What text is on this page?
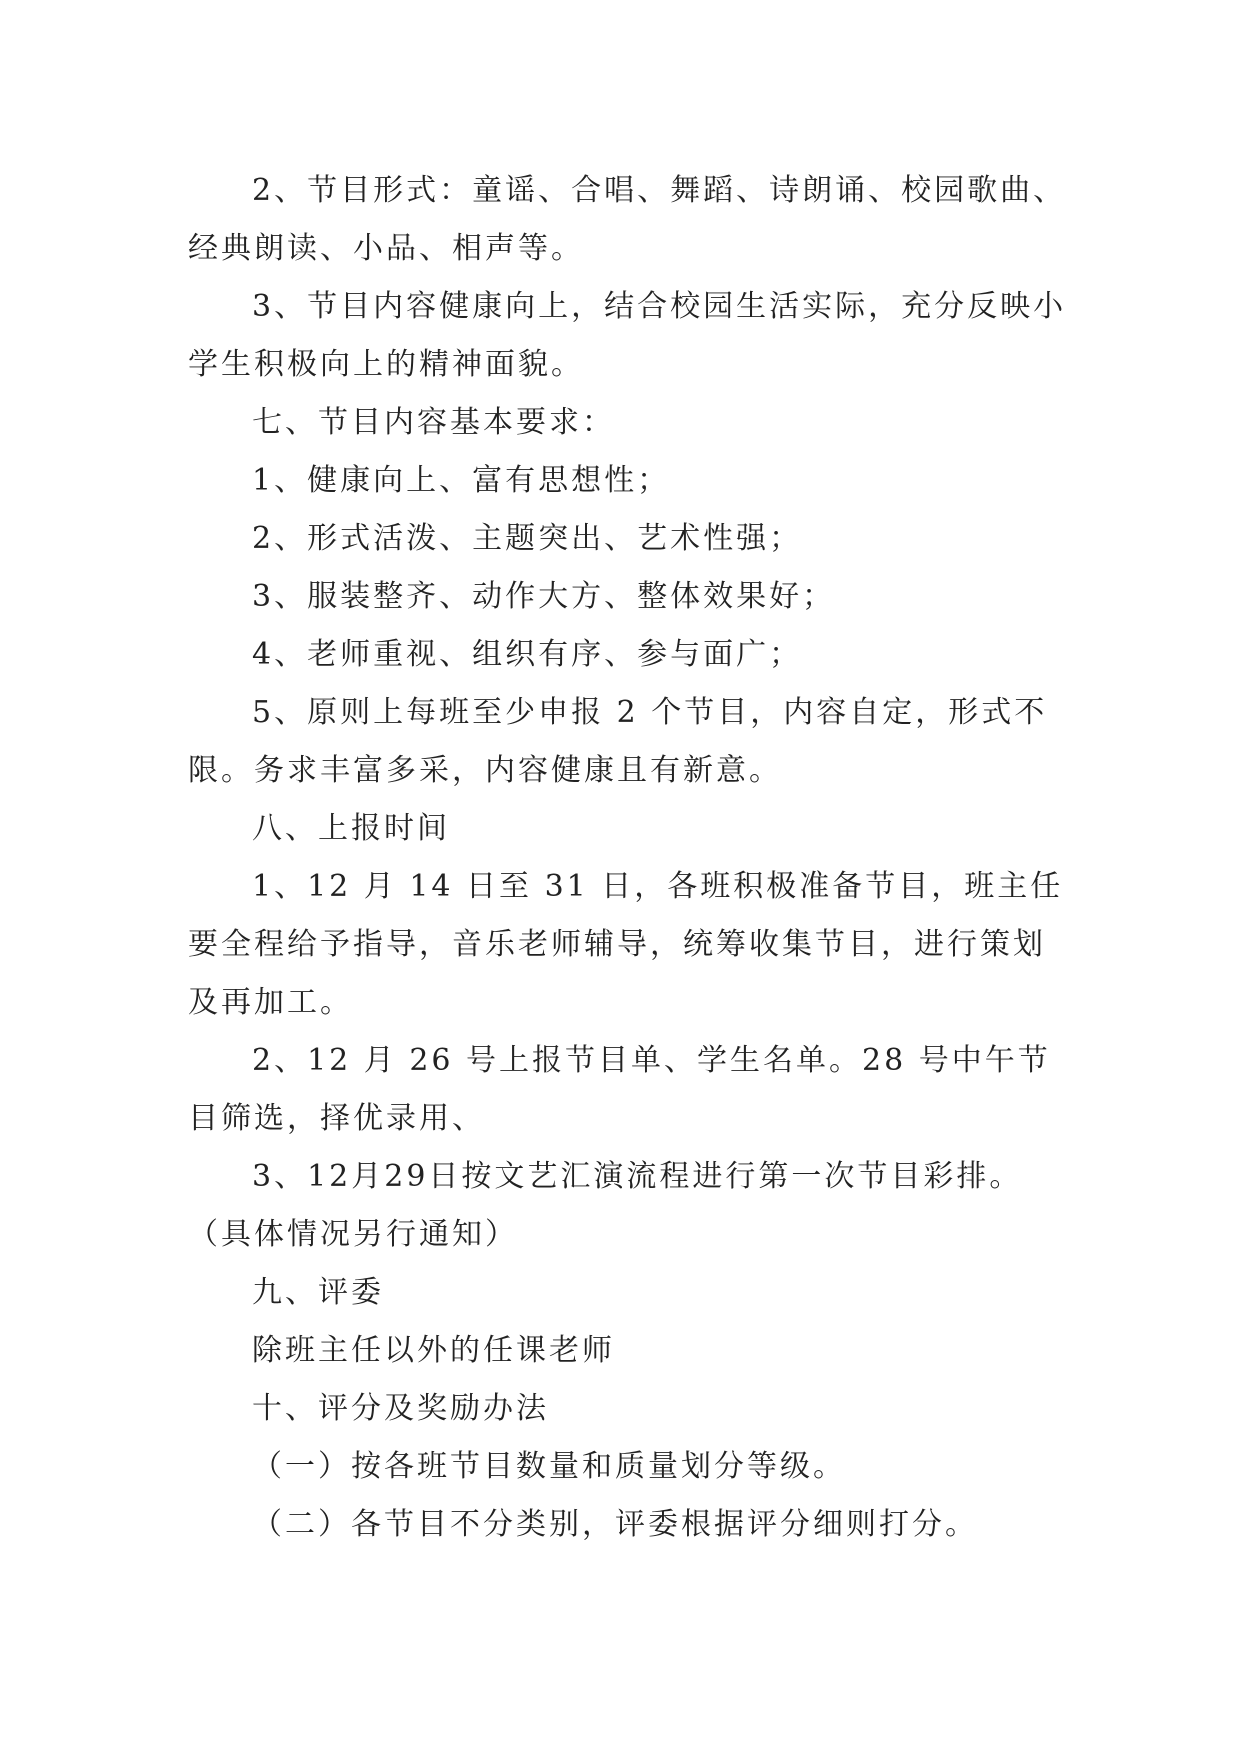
2、节目形式：童谣、合唱、舞蹈、诗朗诵、校园歌曲、经典朗读、小品、相声等。

3、节目内容健康向上，结合校园生活实际，充分反映小学生积极向上的精神面貌。

七、节目内容基本要求：

1、健康向上、富有思想性；

2、形式活泼、主题突出、艺术性强；

3、服装整齐、动作大方、整体效果好；

4、老师重视、组织有序、参与面广；

5、原则上每班至少申报 2 个节目，内容自定，形式不限。务求丰富多采，内容健康且有新意。

八、上报时间

1、12 月 14 日至 31 日，各班积极准备节目，班主任要全程给予指导，音乐老师辅导，统筹收集节目，进行策划及再加工。

2、12 月 26 号上报节目单、学生名单。28 号中午节目筛选，择优录用、

3、12月29日按文艺汇演流程进行第一次节目彩排。（具体情况另行通知）

九、评委

除班主任以外的任课老师

十、评分及奖励办法

（一）按各班节目数量和质量划分等级。

（二）各节目不分类别，评委根据评分细则打分。
